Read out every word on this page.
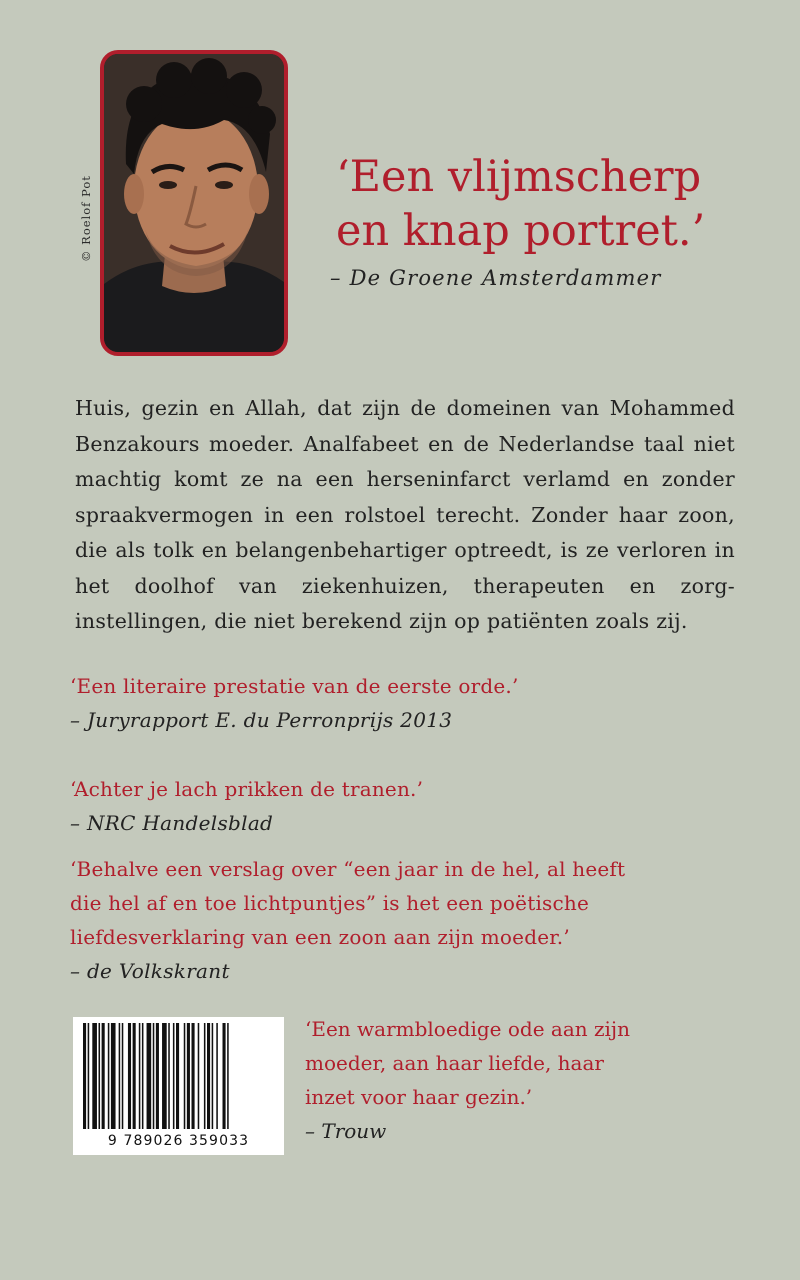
© Roelof Pot	‘Een vlijmscherp
en knap portret.’
– De Groene Amsterdammer
Huis, gezin en Allah, dat zijn de domeinen van Mohammed Benzakours moeder. Analfabeet en de Nederlandse taal niet machtig komt ze na een herseninfarct verlamd en zonder spraakvermogen in een rolstoel terecht. Zonder haar zoon, die als tolk en belangenbehartiger optreedt, is ze verloren in het doolhof van ziekenhuizen, therapeuten en zorg-instellingen, die niet berekend zijn op patiënten zoals zij.
‘Een literaire prestatie van de eerste orde.’
– Juryrapport E. du Perronprijs 2013
‘Achter je lach prikken de tranen.’
– NRC Handelsblad
‘Behalve een verslag over “een jaar in de hel, al heeft
die hel af en toe lichtpuntjes” is het een poëtische
liefdesverklaring van een zoon aan zijn moeder.’
– de Volkskrant
9 789026 359033
‘Een warmbloedige ode aan zijn
moeder, aan haar liefde, haar
inzet voor haar gezin.’
– Trouw
